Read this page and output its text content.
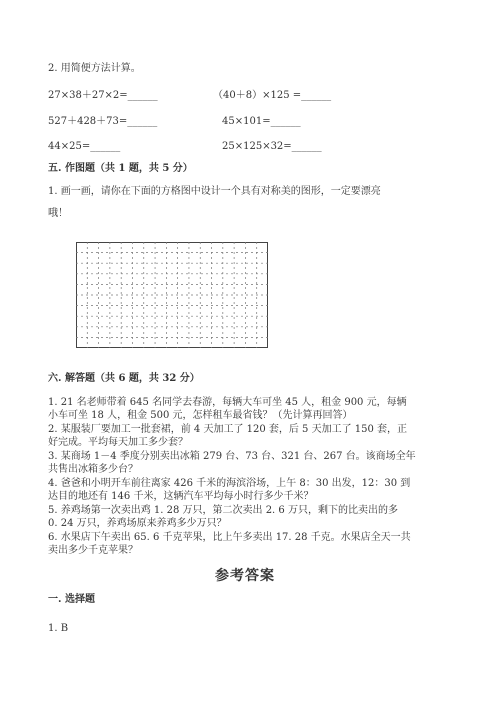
2. 用简便方法计算。
27×38＋27×2=______	（40＋8）×125 =______
527＋428＋73=______	45×101=______
44×25=______	25×125×32=______
五. 作图题（共 1 题，共 5 分）
1. 画一画，请你在下面的方格图中设计一个具有对称美的图形，一定要漂亮
哦！
六. 解答题（共 6 题，共 32 分）
1. 21 名老师带着 645 名同学去春游，每辆大车可坐 45 人，租金 900 元，每辆
小车可坐 18 人，租金 500 元，怎样租车最省钱？（先计算再回答）
2. 某服装厂要加工一批套裙，前 4 天加工了 120 套，后 5 天加工了 150 套，正
好完成。平均每天加工多少套？
3. 某商场 1－4 季度分别卖出冰箱 279 台、73 台、321 台、267 台。该商场全年
共售出冰箱多少台？
4. 爸爸和小明开车前往离家 426 千米的海滨浴场，上午 8：30 出发，12：30 到
达目的地还有 146 千米，这辆汽车平均每小时行多少千米？
5. 养鸡场第一次卖出鸡 1. 28 万只，第二次卖出 2. 6 万只，剩下的比卖出的多
0. 24 万只，养鸡场原来养鸡多少万只？
6. 水果店下午卖出 65. 6 千克苹果，比上午多卖出 17. 28 千克。水果店全天一共
卖出多少千克苹果？
参考答案
一. 选择题
1. B
